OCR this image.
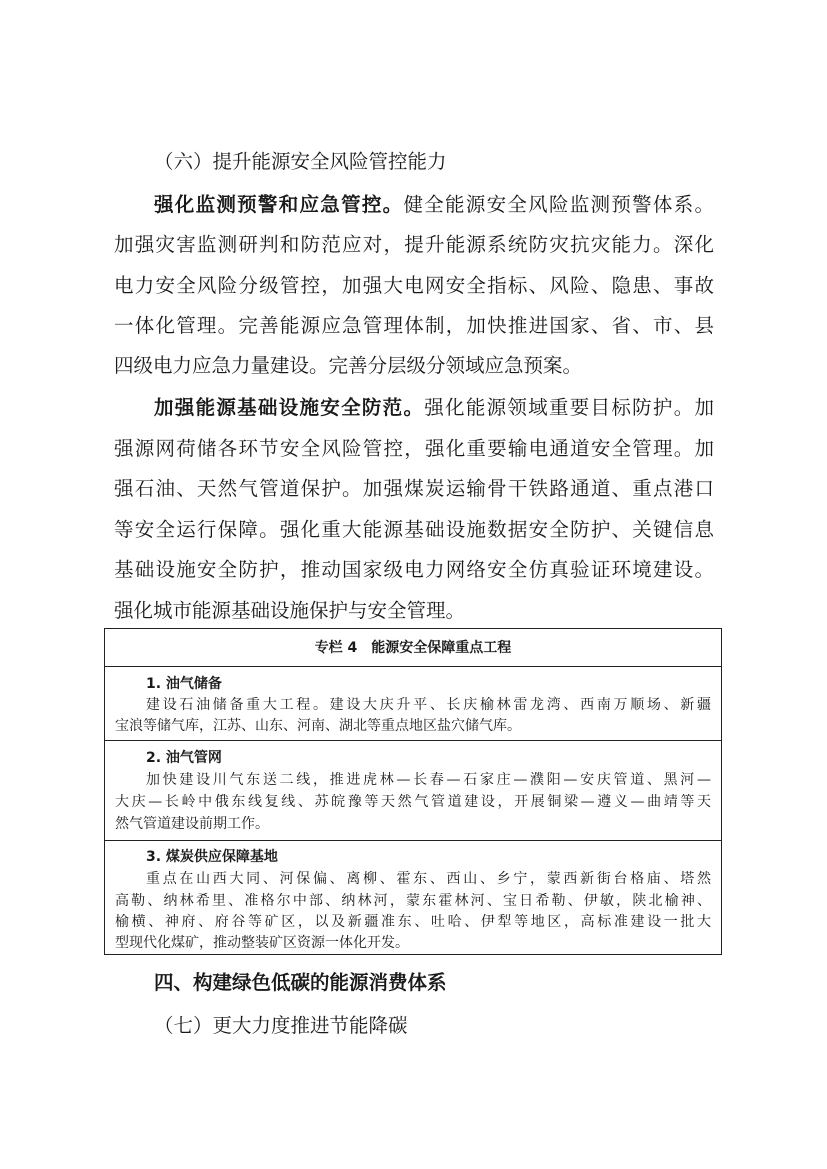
（六）提升能源安全风险管控能力
强化监测预警和应急管控。健全能源安全风险监测预警体系。
加强灾害监测研判和防范应对，提升能源系统防灾抗灾能力。深化
电力安全风险分级管控，加强大电网安全指标、风险、隐患、事故
一体化管理。完善能源应急管理体制，加快推进国家、省、市、县
四级电力应急力量建设。完善分层级分领域应急预案。
加强能源基础设施安全防范。强化能源领域重要目标防护。加
强源网荷储各环节安全风险管控，强化重要输电通道安全管理。加
强石油、天然气管道保护。加强煤炭运输骨干铁路通道、重点港口
等安全运行保障。强化重大能源基础设施数据安全防护、关键信息
基础设施安全防护，推动国家级电力网络安全仿真验证环境建设。
强化城市能源基础设施保护与安全管理。
专栏 4　能源安全保障重点工程
1. 油气储备
建设石油储备重大工程。建设大庆升平、长庆榆林雷龙湾、西南万顺场、新疆
宝浪等储气库，江苏、山东、河南、湖北等重点地区盐穴储气库。
2. 油气管网
加快建设川气东送二线，推进虎林—长春—石家庄—濮阳—安庆管道、黑河—
大庆—长岭中俄东线复线、苏皖豫等天然气管道建设，开展铜梁—遵义—曲靖等天
然气管道建设前期工作。
3. 煤炭供应保障基地
重点在山西大同、河保偏、离柳、霍东、西山、乡宁，蒙西新街台格庙、塔然
高勒、纳林希里、准格尔中部、纳林河，蒙东霍林河、宝日希勒、伊敏，陕北榆神、
榆横、神府、府谷等矿区，以及新疆准东、吐哈、伊犁等地区，高标准建设一批大
型现代化煤矿，推动整装矿区资源一体化开发。
四、构建绿色低碳的能源消费体系
（七）更大力度推进节能降碳
